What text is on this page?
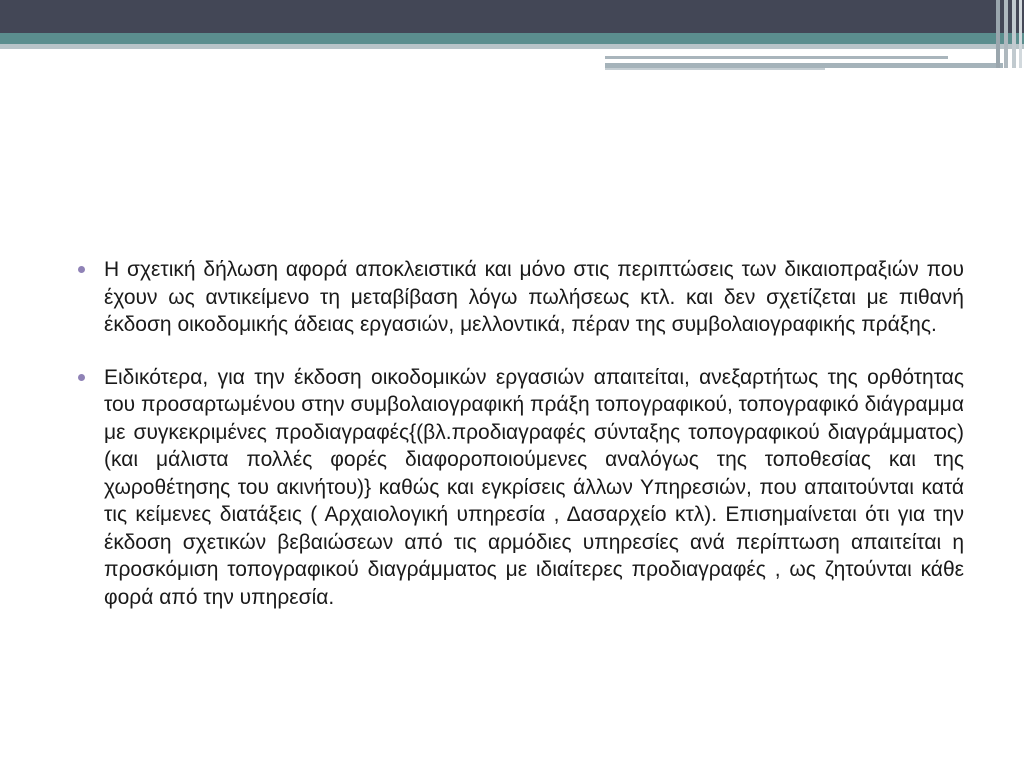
Η σχετική δήλωση αφορά αποκλειστικά και μόνο στις περιπτώσεις των δικαιοπραξιών που έχουν ως αντικείμενο τη μεταβίβαση λόγω πωλήσεως κτλ. και δεν σχετίζεται με πιθανή έκδοση οικοδομικής άδειας εργασιών, μελλοντικά, πέραν της συμβολαιογραφικής πράξης.
Ειδικότερα, για την έκδοση οικοδομικών εργασιών απαιτείται, ανεξαρτήτως της ορθότητας του προσαρτωμένου στην συμβολαιογραφική πράξη τοπογραφικού, τοπογραφικό διάγραμμα με συγκεκριμένες προδιαγραφές{(βλ.προδιαγραφές σύνταξης τοπογραφικού διαγράμματος) (και μάλιστα πολλές φορές διαφοροποιούμενες αναλόγως της τοποθεσίας και της χωροθέτησης του ακινήτου)} καθώς και εγκρίσεις άλλων Υπηρεσιών, που απαιτούνται κατά τις κείμενες διατάξεις ( Αρχαιολογική υπηρεσία , Δασαρχείο κτλ). Επισημαίνεται ότι για την έκδοση σχετικών βεβαιώσεων από τις αρμόδιες υπηρεσίες ανά περίπτωση απαιτείται η προσκόμιση τοπογραφικού διαγράμματος με ιδιαίτερες προδιαγραφές , ως ζητούνται κάθε φορά από την υπηρεσία.
